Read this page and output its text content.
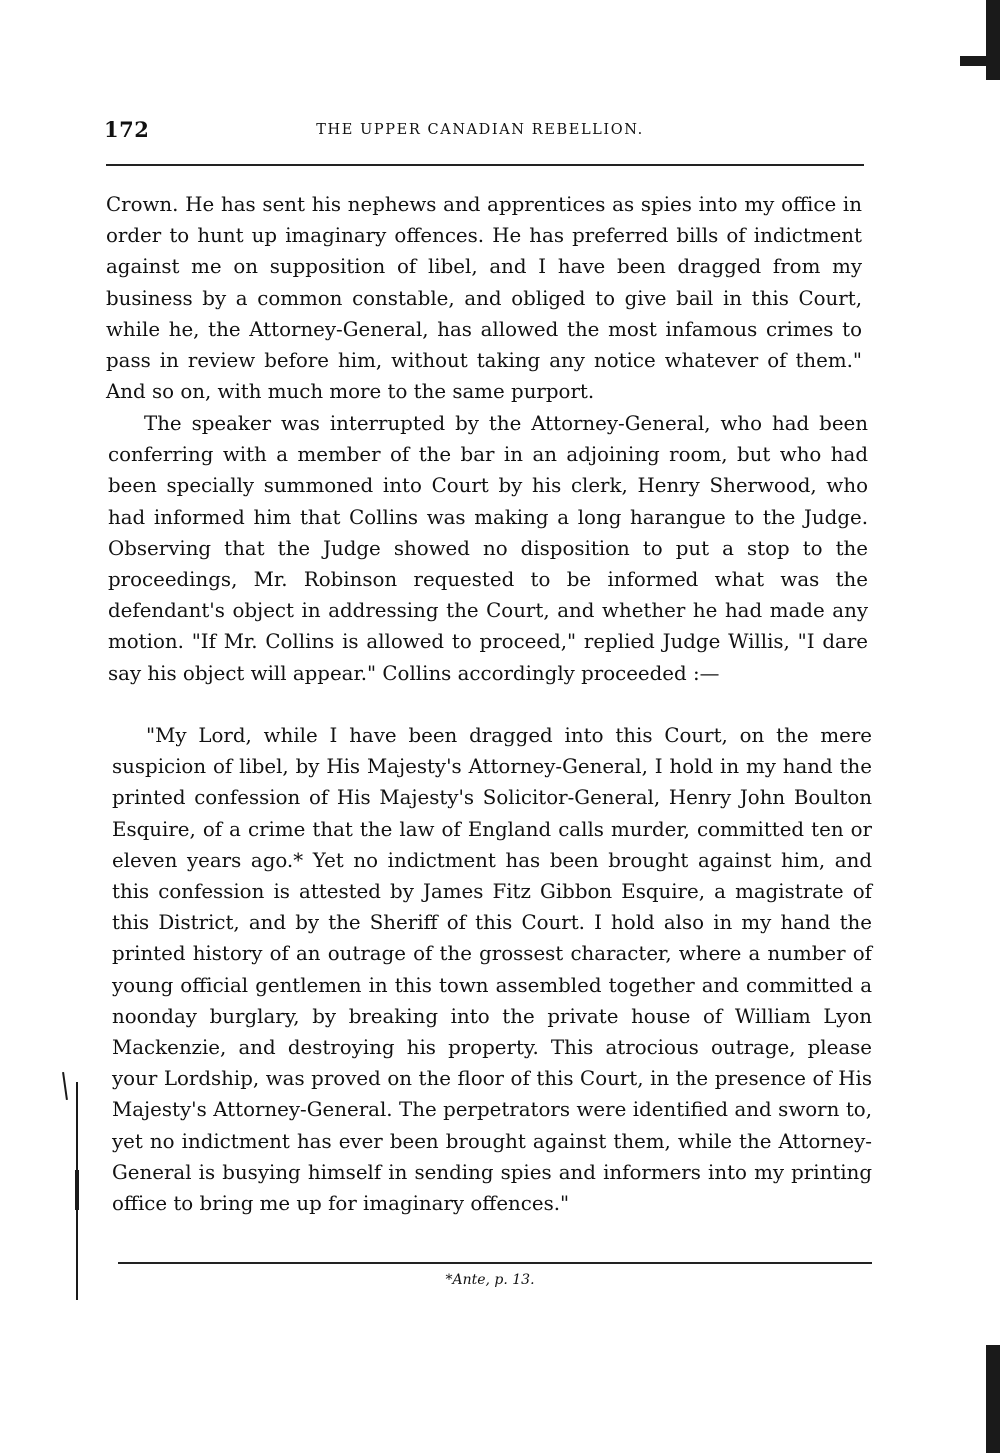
172	THE UPPER CANADIAN REBELLION.

Crown. He has sent his nephews and apprentices as spies into my office in order to hunt up imaginary offences. He has preferred bills of indictment against me on supposition of libel, and I have been dragged from my business by a common constable, and obliged to give bail in this Court, while he, the Attorney-General, has allowed the most infamous crimes to pass in review before him, without taking any notice whatever of them." And so on, with much more to the same purport.

The speaker was interrupted by the Attorney-General, who had been conferring with a member of the bar in an adjoining room, but who had been specially summoned into Court by his clerk, Henry Sherwood, who had informed him that Collins was making a long harangue to the Judge. Observing that the Judge showed no disposition to put a stop to the proceedings, Mr. Robinson requested to be informed what was the defendant's object in addressing the Court, and whether he had made any motion. "If Mr. Collins is allowed to proceed," replied Judge Willis, "I dare say his object will appear." Collins accordingly proceeded :—

"My Lord, while I have been dragged into this Court, on the mere suspicion of libel, by His Majesty's Attorney-General, I hold in my hand the printed confession of His Majesty's Solicitor-General, Henry John Boulton Esquire, of a crime that the law of England calls murder, committed ten or eleven years ago.* Yet no indictment has been brought against him, and this confession is attested by James Fitz Gibbon Esquire, a magistrate of this District, and by the Sheriff of this Court. I hold also in my hand the printed history of an outrage of the grossest character, where a number of young official gentlemen in this town assembled together and committed a noonday burglary, by breaking into the private house of William Lyon Mackenzie, and destroying his property. This atrocious outrage, please your Lordship, was proved on the floor of this Court, in the presence of His Majesty's Attorney-General. The perpetrators were identified and sworn to, yet no indictment has ever been brought against them, while the Attorney-General is busying himself in sending spies and informers into my printing office to bring me up for imaginary offences."

*Ante, p. 13.
